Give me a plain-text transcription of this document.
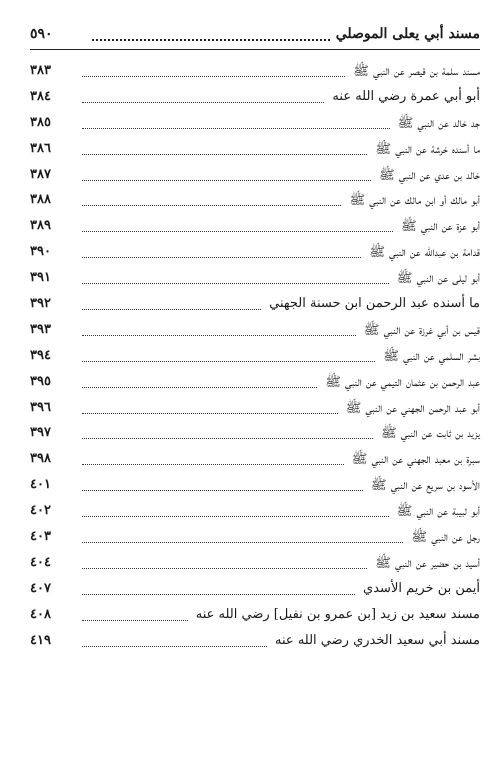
مسند أبي يعلى الموصلي
٥٩٠
مسند سلمة بن قيصر عن النبي ﷺ
٣٨٣
أبو أبي عمرة رضي الله عنه
٣٨٤
جد خالد عن النبي ﷺ
٣٨٥
ما أسنده خرشة عن النبي ﷺ
٣٨٦
خالد بن عدي عن النبي ﷺ
٣٨٧
أبو مالك أو ابن مالك عن النبي ﷺ
٣٨٨
أبو عزة عن النبي ﷺ
٣٨٩
قدامة بن عبدالله عن النبي ﷺ
٣٩٠
أبو ليلى عن النبي ﷺ
٣٩١
ما أسنده عبد الرحمن ابن حسنة الجهني
٣٩٢
قيس بن أبي غرزة عن النبي ﷺ
٣٩٣
بشر السلمي عن النبي ﷺ
٣٩٤
عبد الرحمن بن عثمان التيمي عن النبي ﷺ
٣٩٥
أبو عبد الرحمن الجهني عن النبي ﷺ
٣٩٦
يزيد بن ثابت عن النبي ﷺ
٣٩٧
سبرة بن معبد الجهني عن النبي ﷺ
٣٩٨
الأسود بن سريع عن النبي ﷺ
٤٠١
أبو لبيبة عن النبي ﷺ
٤٠٢
رجل عن النبي ﷺ
٤٠٣
أسيد بن حضير عن النبي ﷺ
٤٠٤
أيمن بن خريم الأسدي
٤٠٧
مسند سعيد بن زيد [بن عمرو بن نفيل] رضي الله عنه
٤٠٨
مسند أبي سعيد الخدري رضي الله عنه
٤١٩
